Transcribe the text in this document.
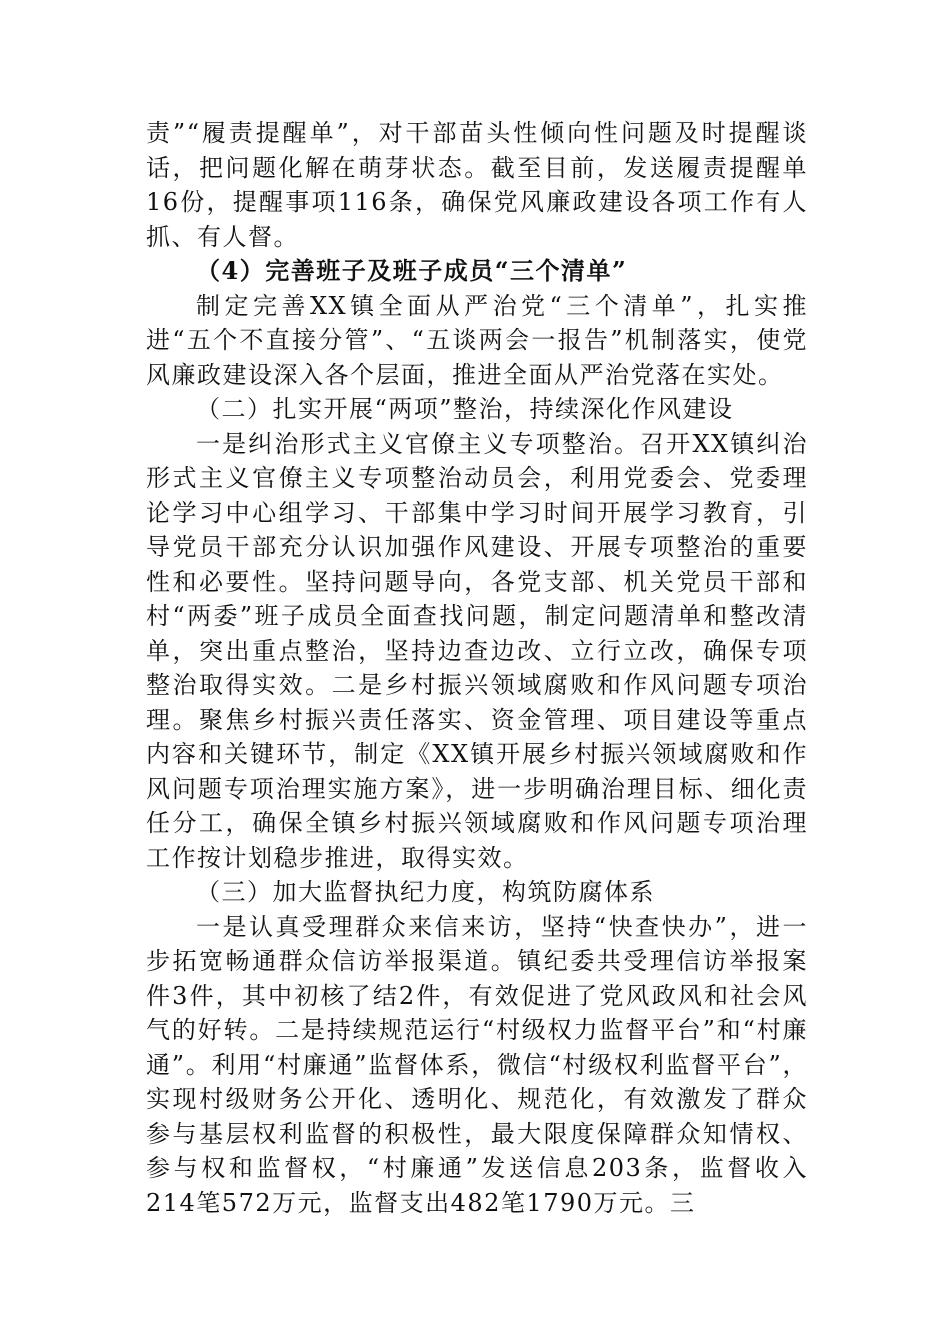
责”“履责提醒单”，对干部苗头性倾向性问题及时提醒谈话，把问题化解在萌芽状态。截至目前，发送履责提醒单16份，提醒事项116条，确保党风廉政建设各项工作有人抓、有人督。

（4）完善班子及班子成员“三个清单”

制定完善XX镇全面从严治党“三个清单”，扎实推进“五个不直接分管”、“五谈两会一报告”机制落实，使党风廉政建设深入各个层面，推进全面从严治党落在实处。

（二）扎实开展“两项”整治，持续深化作风建设

一是纠治形式主义官僚主义专项整治。召开XX镇纠治形式主义官僚主义专项整治动员会，利用党委会、党委理论学习中心组学习、干部集中学习时间开展学习教育，引导党员干部充分认识加强作风建设、开展专项整治的重要性和必要性。坚持问题导向，各党支部、机关党员干部和村“两委”班子成员全面查找问题，制定问题清单和整改清单，突出重点整治，坚持边查边改、立行立改，确保专项整治取得实效。二是乡村振兴领域腐败和作风问题专项治理。聚焦乡村振兴责任落实、资金管理、项目建设等重点内容和关键环节，制定《XX镇开展乡村振兴领域腐败和作风问题专项治理实施方案》，进一步明确治理目标、细化责任分工，确保全镇乡村振兴领域腐败和作风问题专项治理工作按计划稳步推进，取得实效。

（三）加大监督执纪力度，构筑防腐体系

一是认真受理群众来信来访，坚持“快查快办”，进一步拓宽畅通群众信访举报渠道。镇纪委共受理信访举报案件3件，其中初核了结2件，有效促进了党风政风和社会风气的好转。二是持续规范运行“村级权力监督平台”和“村廉通”。利用“村廉通”监督体系，微信“村级权利监督平台”，实现村级财务公开化、透明化、规范化，有效激发了群众参与基层权利监督的积极性，最大限度保障群众知情权、参与权和监督权，“村廉通”发送信息203条，监督收入214笔572万元，监督支出482笔1790万元。三
